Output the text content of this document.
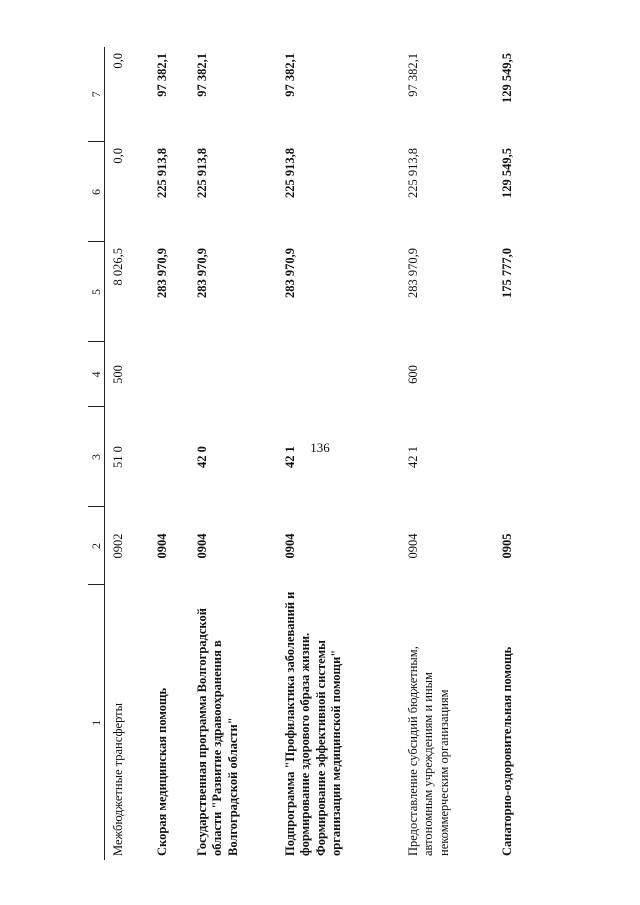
136
1	2	3	4	5	6	7
Межбюджетные трансферты	0902	51 0	500	8 026,5	0,0	0,0
Скорая медицинская помощь	0904			283 970,9	225 913,8	97 382,1
Государственная программа Волгоградской области "Развитие здравоохранения в Волгоградской области"	0904	42 0		283 970,9	225 913,8	97 382,1
Подпрограмма "Профилактика заболеваний и формирование здорового образа жизни. Формирование эффективной системы организации медицинской помощи"	0904	42 1		283 970,9	225 913,8	97 382,1
Предоставление субсидий бюджетным, автономным учреждениям и иным некоммерческим организациям	0904	42 1	600	283 970,9	225 913,8	97 382,1
Санаторно-оздоровительная помощь	0905			175 777,0	129 549,5	129 549,5
